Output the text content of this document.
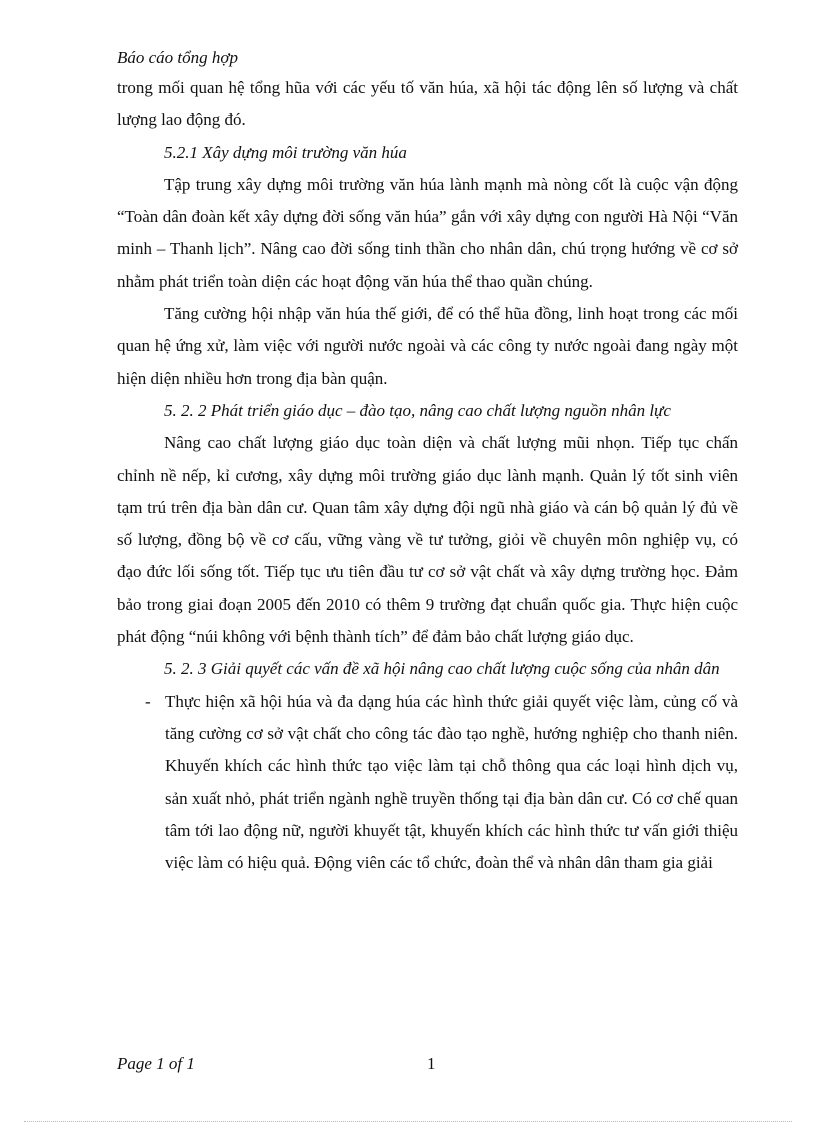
Báo cáo tổng hợp

trong mối quan hệ tổng hũa với các yếu tố văn húa, xã hội tác động lên số lượng và chất lượng lao động đó.

5.2.1 Xây dựng môi trường văn húa

Tập trung xây dựng môi trường văn húa lành mạnh mà nòng cốt là cuộc vận động “Toàn dân đoàn kết xây dựng đời sống văn húa” gắn với xây dựng con người Hà Nội “Văn minh – Thanh lịch”. Nâng cao đời sống tinh thần cho nhân dân, chú trọng hướng về cơ sở nhằm phát triển toàn diện các hoạt động văn húa thể thao quần chúng.

Tăng cường hội nhập văn húa thế giới, để có thể hũa đồng, linh hoạt trong các mối quan hệ ứng xử, làm việc với người nước ngoài và các công ty nước ngoài đang ngày một hiện diện nhiều hơn trong địa bàn quận.

5. 2. 2 Phát triển giáo dục – đào tạo, nâng cao chất lượng nguồn nhân lực

Nâng cao chất lượng giáo dục toàn diện và chất lượng mũi nhọn. Tiếp tục chấn chỉnh nề nếp, kỉ cương, xây dựng môi trường giáo dục lành mạnh. Quản lý tốt sinh viên tạm trú trên địa bàn dân cư. Quan tâm xây dựng đội ngũ nhà giáo và cán bộ quản lý đủ về số lượng, đồng bộ về cơ cấu, vững vàng về tư tưởng, giỏi về chuyên môn nghiệp vụ, có đạo đức lối sống tốt. Tiếp tục ưu tiên đầu tư cơ sở vật chất và xây dựng trường học. Đảm bảo trong giai đoạn 2005 đến 2010 có thêm 9 trường đạt chuẩn quốc gia. Thực hiện cuộc phát động “núi không với bệnh thành tích” để đảm bảo chất lượng giáo dục.

5. 2. 3 Giải quyết các vấn đề xã hội nâng cao chất lượng cuộc sống của nhân dân

- Thực hiện xã hội húa và đa dạng húa các hình thức giải quyết việc làm, củng cố và tăng cường cơ sở vật chất cho công tác đào tạo nghề, hướng nghiệp cho thanh niên. Khuyến khích các hình thức tạo việc làm tại chỗ thông qua các loại hình dịch vụ, sản xuất nhỏ, phát triển ngành nghề truyền thống tại địa bàn dân cư. Có cơ chế quan tâm tới lao động nữ, người khuyết tật, khuyến khích các hình thức tư vấn giới thiệu việc làm có hiệu quả. Động viên các tổ chức, đoàn thể và nhân dân tham gia giải
Page 1 of 1	1
